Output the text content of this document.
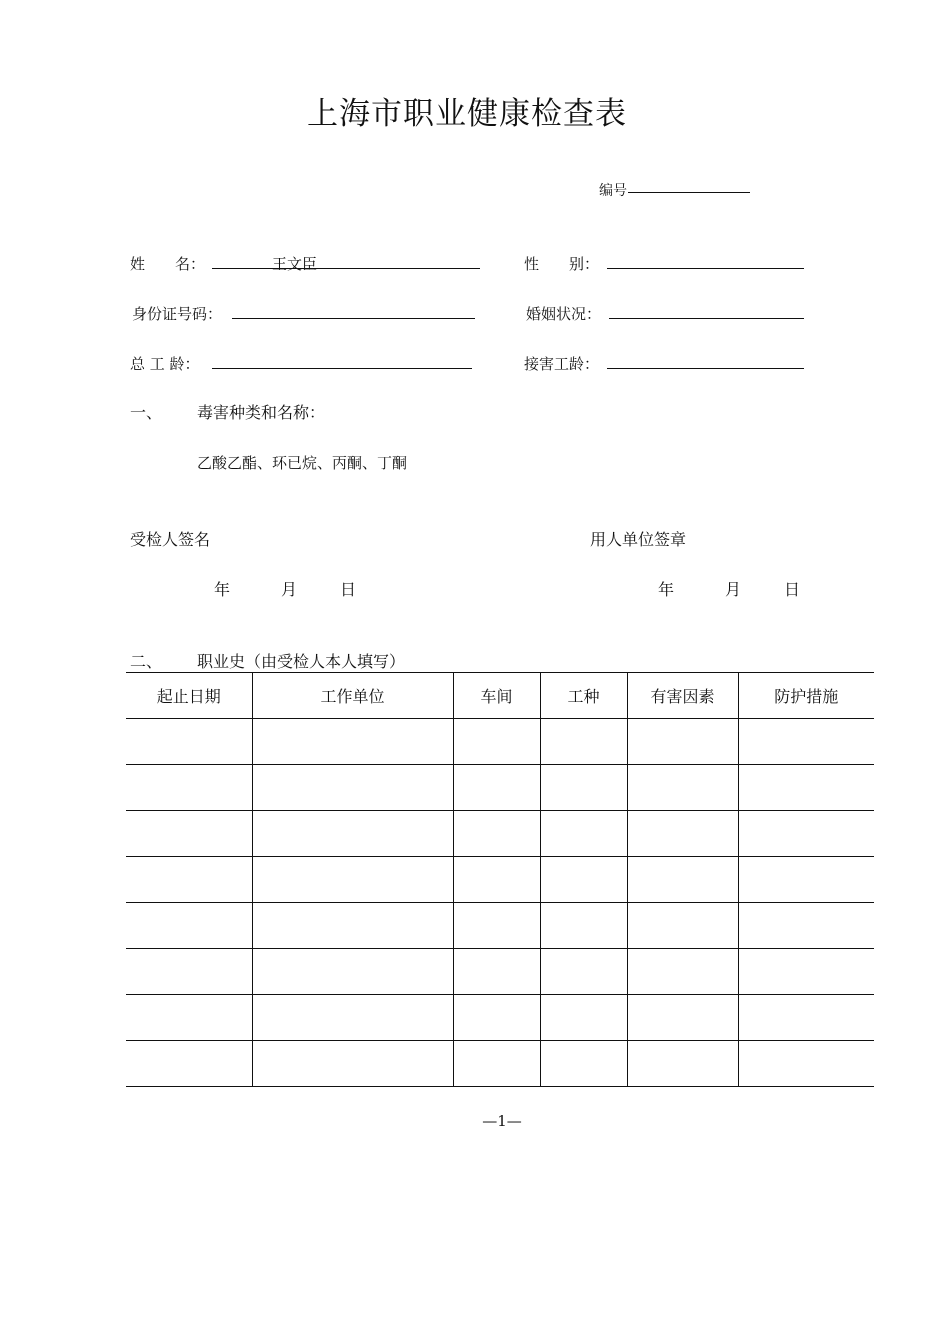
上海市职业健康检查表
编号
姓　　名：	王文臣	性　　别：
身份证号码：	婚姻状况：
总 工 龄：	接害工龄：
一、 毒害种类和名称：
乙酸乙酯、环已烷、丙酮、丁酮
受检人签名	用人单位签章
年	月	日	年	月	日
二、 职业史（由受检人本人填写）
起止日期	工作单位	车间	工种	有害因素	防护措施

—1—
